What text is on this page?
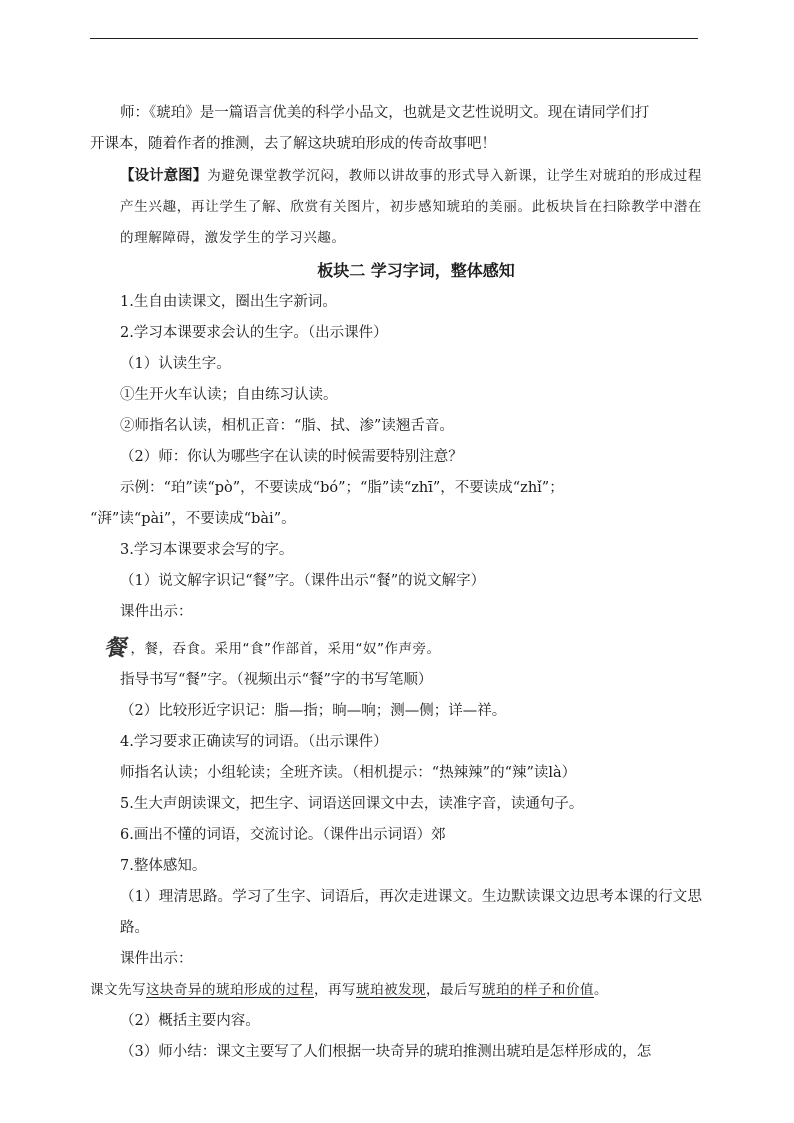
师：《琥珀》是一篇语言优美的科学小品文，也就是文艺性说明文。现在请同学们打

开课本，随着作者的推测，去了解这块琥珀形成的传奇故事吧！

【设计意图】为避免课堂教学沉闷，教师以讲故事的形式导入新课，让学生对琥珀的形成过程产生兴趣，再让学生了解、欣赏有关图片，初步感知琥珀的美丽。此板块旨在扫除教学中潜在的理解障碍，激发学生的学习兴趣。

板块二 学习字词，整体感知

1.生自由读课文，圈出生字新词。

2.学习本课要求会认的生字。（出示课件）

（1）认读生字。

①生开火车认读；自由练习认读。

②师指名认读，相机正音：“脂、拭、渗”读翘舌音。

（2）师：你认为哪些字在认读的时候需要特别注意？

示例：“珀”读“pò”，不要读成“bó”；“脂”读“zhī”，不要读成“zhǐ”；

“湃”读“pài”，不要读成“bài”。

3.学习本课要求会写的字。

（1）说文解字识记“餐”字。（课件出示“餐”的说文解字）

课件出示：

餐 ，餐，吞食。采用“食”作部首，采用“奴”作声旁。

指导书写“餐”字。（视频出示“餐”字的书写笔顺）

（2）比较形近字识记：脂—指；晌—响；测—侧；详—祥。

4.学习要求正确读写的词语。（出示课件）

师指名认读；小组轮读；全班齐读。（相机提示：“热辣辣”的“辣”读là）

5.生大声朗读课文，把生字、词语送回课文中去，读准字音，读通句子。

6.画出不懂的词语，交流讨论。（课件出示词语）郊

7.整体感知。

（1）理清思路。学习了生字、词语后，再次走进课文。生边默读课文边思考本课的行文思路。

课件出示：

课文先写这块奇异的琥珀形成的过程，再写琥珀被发现，最后写琥珀的样子和价值。

（2）概括主要内容。

（3）师小结：课文主要写了人们根据一块奇异的琥珀推测出琥珀是怎样形成的，怎
